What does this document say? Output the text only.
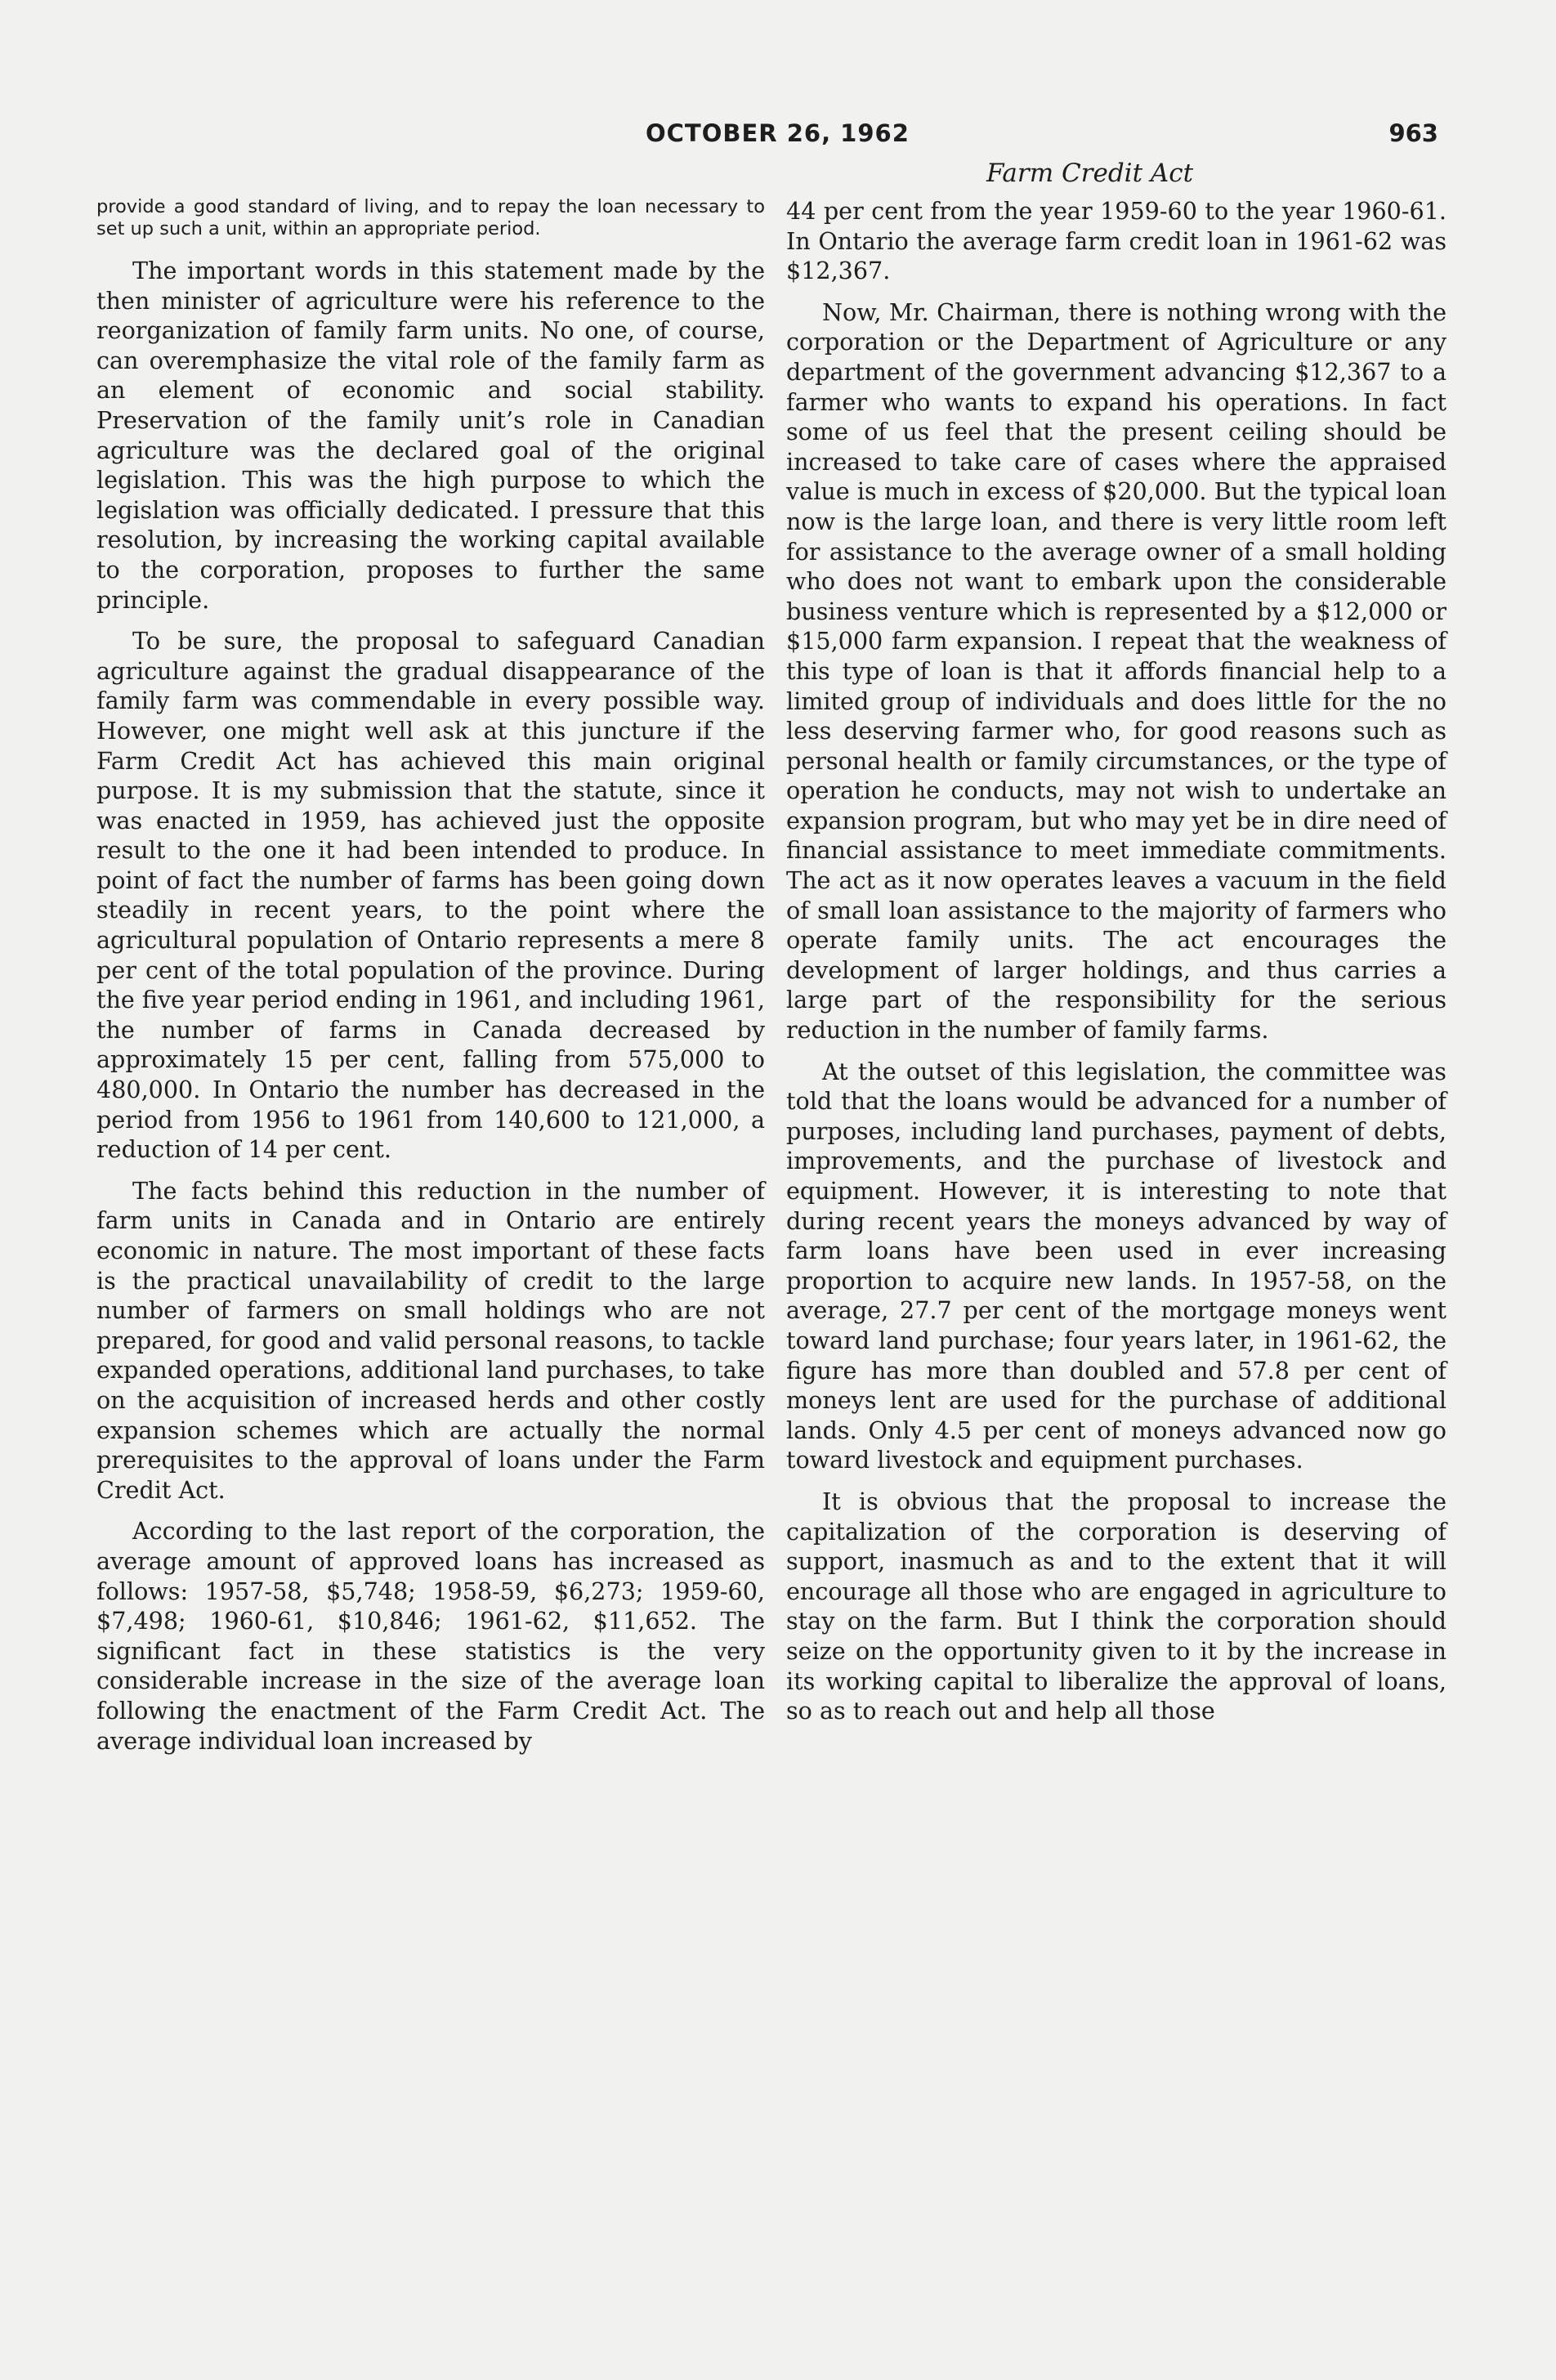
OCTOBER 26, 1962	963
Farm Credit Act

provide a good standard of living, and to repay the loan necessary to set up such a unit, within an appropriate period.

The important words in this statement made by the then minister of agriculture were his reference to the reorganization of family farm units. No one, of course, can overemphasize the vital role of the family farm as an element of economic and social stability. Preservation of the family unit’s role in Canadian agriculture was the declared goal of the original legislation. This was the high purpose to which the legislation was officially dedicated. I pressure that this resolution, by increasing the working capital available to the corporation, proposes to further the same principle.

To be sure, the proposal to safeguard Canadian agriculture against the gradual disappearance of the family farm was commendable in every possible way. However, one might well ask at this juncture if the Farm Credit Act has achieved this main original purpose. It is my submission that the statute, since it was enacted in 1959, has achieved just the opposite result to the one it had been intended to produce. In point of fact the number of farms has been going down steadily in recent years, to the point where the agricultural population of Ontario represents a mere 8 per cent of the total population of the province. During the five year period ending in 1961, and including 1961, the number of farms in Canada decreased by approximately 15 per cent, falling from 575,000 to 480,000. In Ontario the number has decreased in the period from 1956 to 1961 from 140,600 to 121,000, a reduction of 14 per cent.

The facts behind this reduction in the number of farm units in Canada and in Ontario are entirely economic in nature. The most important of these facts is the practical unavailability of credit to the large number of farmers on small holdings who are not prepared, for good and valid personal reasons, to tackle expanded operations, additional land purchases, to take on the acquisition of increased herds and other costly expansion schemes which are actually the normal prerequisites to the approval of loans under the Farm Credit Act.

According to the last report of the corporation, the average amount of approved loans has increased as follows: 1957-58, $5,748; 1958-59, $6,273; 1959-60, $7,498; 1960-61, $10,846; 1961-62, $11,652. The significant fact in these statistics is the very considerable increase in the size of the average loan following the enactment of the Farm Credit Act. The average individual loan increased by

44 per cent from the year 1959-60 to the year 1960-61. In Ontario the average farm credit loan in 1961-62 was $12,367.

Now, Mr. Chairman, there is nothing wrong with the corporation or the Department of Agriculture or any department of the government advancing $12,367 to a farmer who wants to expand his operations. In fact some of us feel that the present ceiling should be increased to take care of cases where the appraised value is much in excess of $20,000. But the typical loan now is the large loan, and there is very little room left for assistance to the average owner of a small holding who does not want to embark upon the considerable business venture which is represented by a $12,000 or $15,000 farm expansion. I repeat that the weakness of this type of loan is that it affords financial help to a limited group of individuals and does little for the no less deserving farmer who, for good reasons such as personal health or family circumstances, or the type of operation he conducts, may not wish to undertake an expansion program, but who may yet be in dire need of financial assistance to meet immediate commitments. The act as it now operates leaves a vacuum in the field of small loan assistance to the majority of farmers who operate family units. The act encourages the development of larger holdings, and thus carries a large part of the responsibility for the serious reduction in the number of family farms.

At the outset of this legislation, the committee was told that the loans would be advanced for a number of purposes, including land purchases, payment of debts, improvements, and the purchase of livestock and equipment. However, it is interesting to note that during recent years the moneys advanced by way of farm loans have been used in ever increasing proportion to acquire new lands. In 1957-58, on the average, 27.7 per cent of the mortgage moneys went toward land purchase; four years later, in 1961-62, the figure has more than doubled and 57.8 per cent of moneys lent are used for the purchase of additional lands. Only 4.5 per cent of moneys advanced now go toward livestock and equipment purchases.

It is obvious that the proposal to increase the capitalization of the corporation is deserving of support, inasmuch as and to the extent that it will encourage all those who are engaged in agriculture to stay on the farm. But I think the corporation should seize on the opportunity given to it by the increase in its working capital to liberalize the approval of loans, so as to reach out and help all those
